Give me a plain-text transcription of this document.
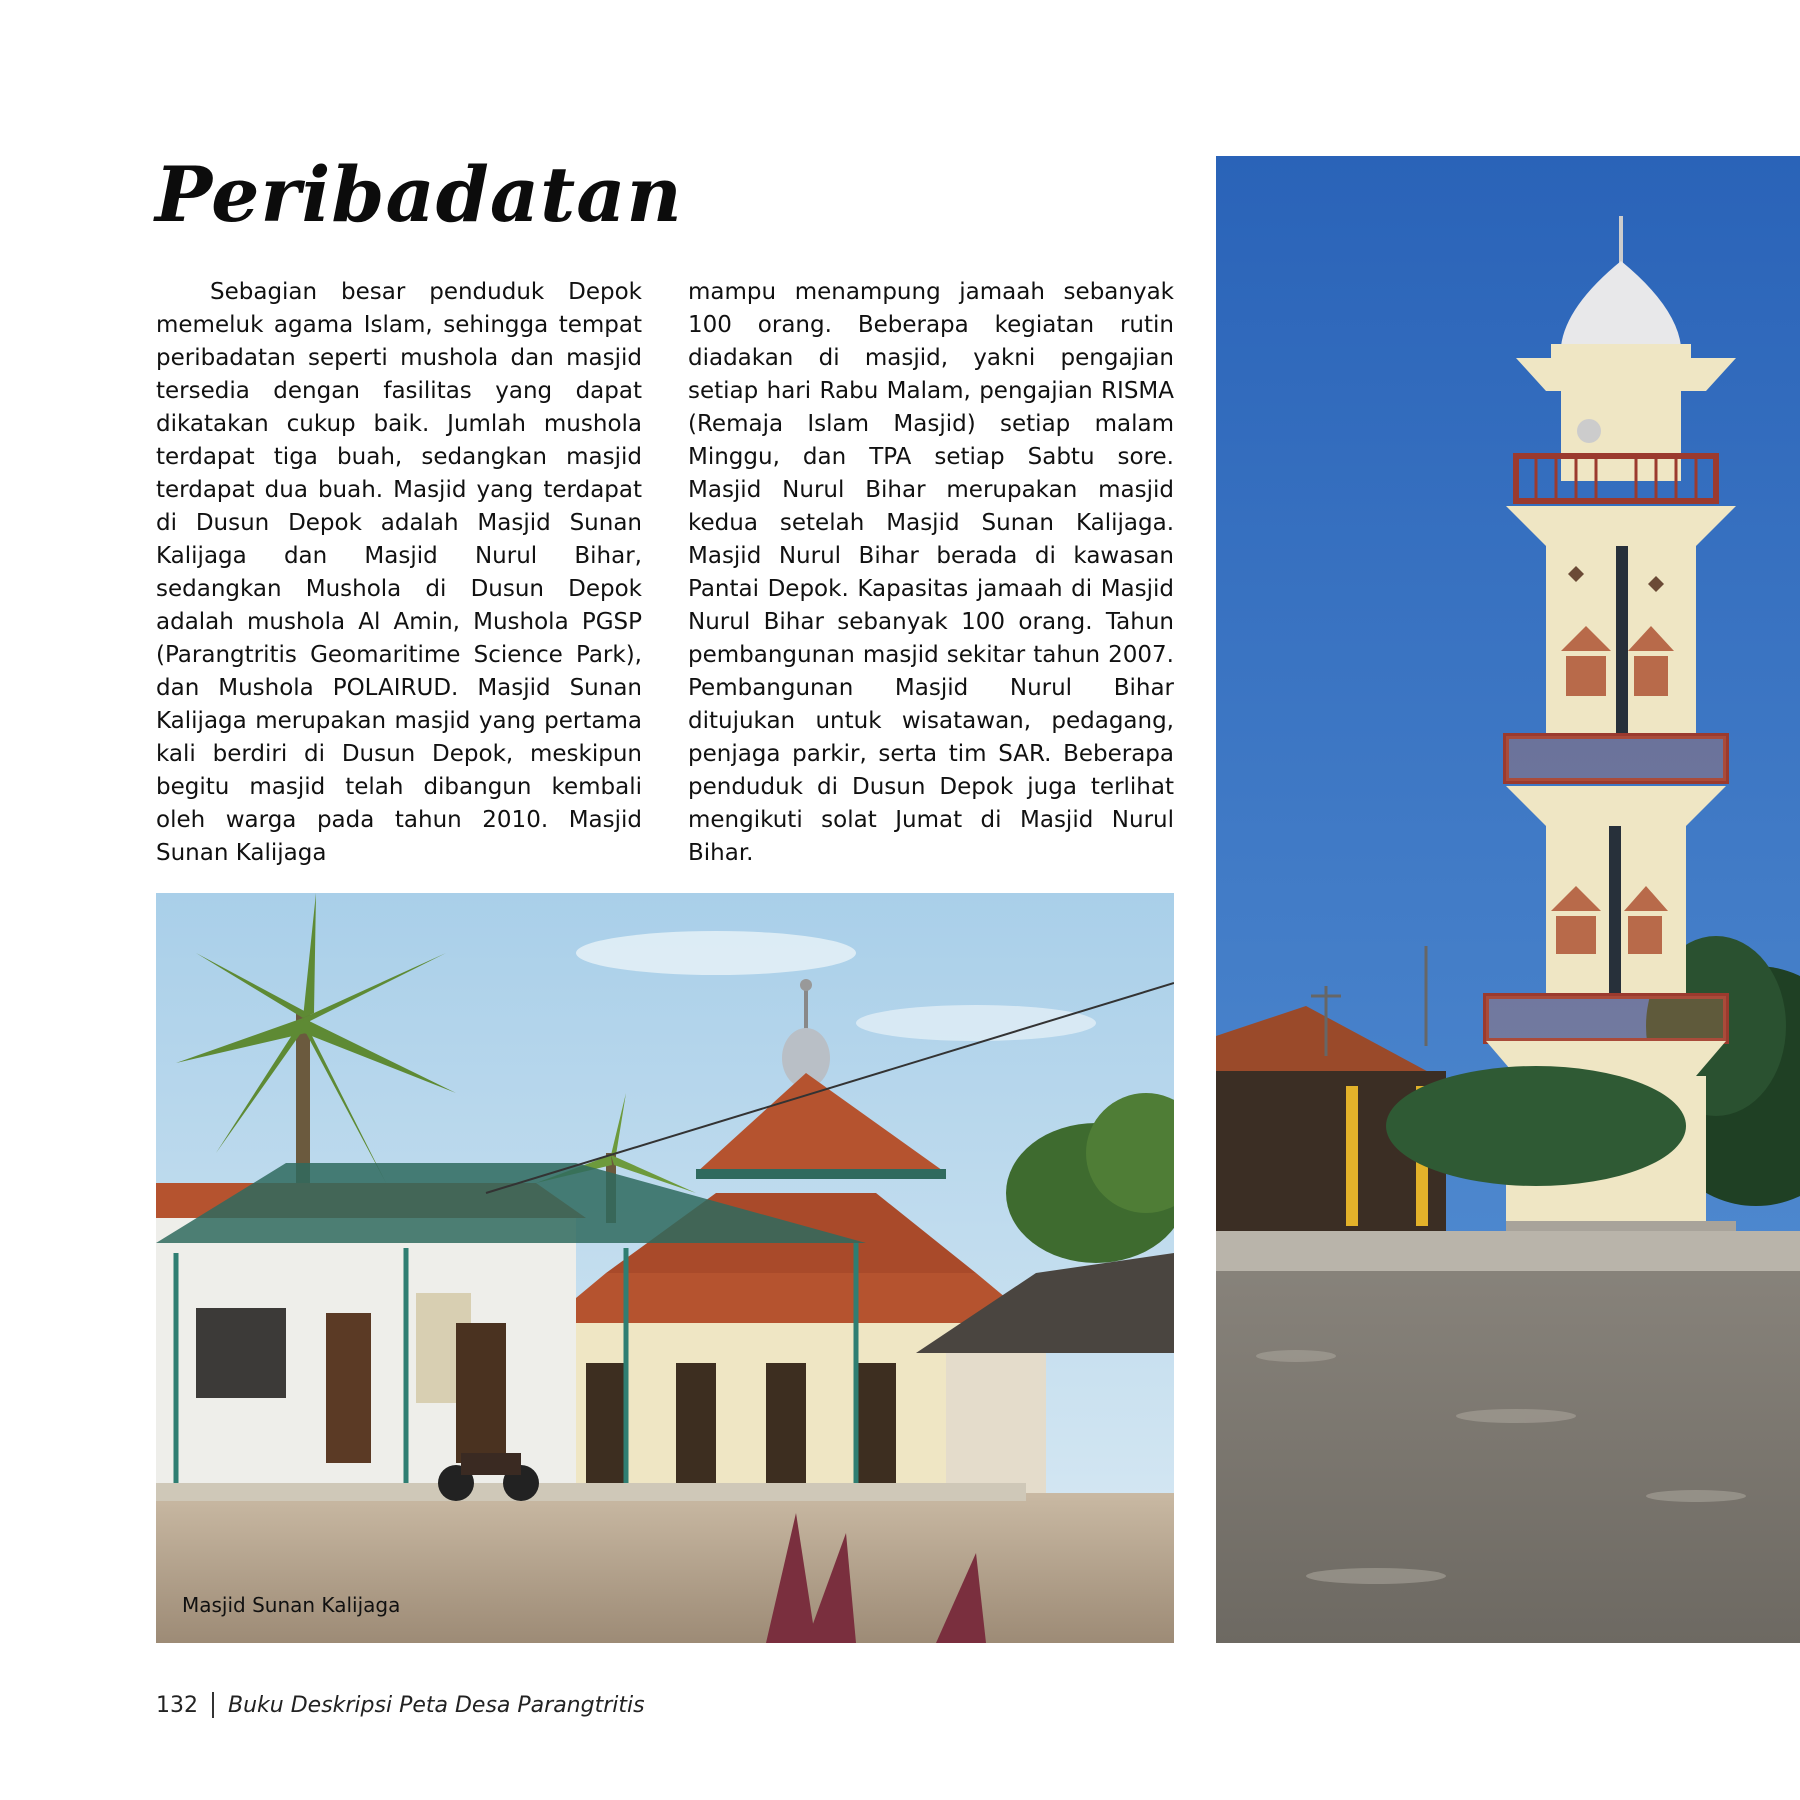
Peribadatan

Sebagian besar penduduk Depok memeluk agama Islam, sehingga tempat peribadatan seperti mushola dan masjid tersedia dengan fasilitas yang dapat dikatakan cukup baik. Jumlah mushola terdapat tiga buah, sedangkan masjid terdapat dua buah. Masjid yang terdapat di Dusun Depok adalah Masjid Sunan Kalijaga dan Masjid Nurul Bihar, sedangkan Mushola di Dusun Depok adalah mushola Al Amin, Mushola PGSP (Parangtritis Geomaritime Science Park), dan Mushola POLAIRUD. Masjid Sunan Kalijaga merupakan masjid yang pertama kali berdiri di Dusun Depok, meskipun begitu masjid telah dibangun kembali oleh warga pada tahun 2010. Masjid Sunan Kalijaga

mampu menampung jamaah sebanyak 100 orang. Beberapa kegiatan rutin diadakan di masjid, yakni pengajian setiap hari Rabu Malam, pengajian RISMA (Remaja Islam Masjid) setiap malam Minggu, dan TPA setiap Sabtu sore. Masjid Nurul Bihar merupakan masjid kedua setelah Masjid Sunan Kalijaga. Masjid Nurul Bihar berada di kawasan Pantai Depok. Kapasitas jamaah di Masjid Nurul Bihar sebanyak 100 orang. Tahun pembangunan masjid sekitar tahun 2007. Pembangunan Masjid Nurul Bihar ditujukan untuk wisatawan, pedagang, penjaga parkir, serta tim SAR. Beberapa penduduk di Dusun Depok juga terlihat mengikuti solat Jumat di Masjid Nurul Bihar.

Masjid Sunan Kalijaga
132 Buku Deskripsi Peta Desa Parangtritis
